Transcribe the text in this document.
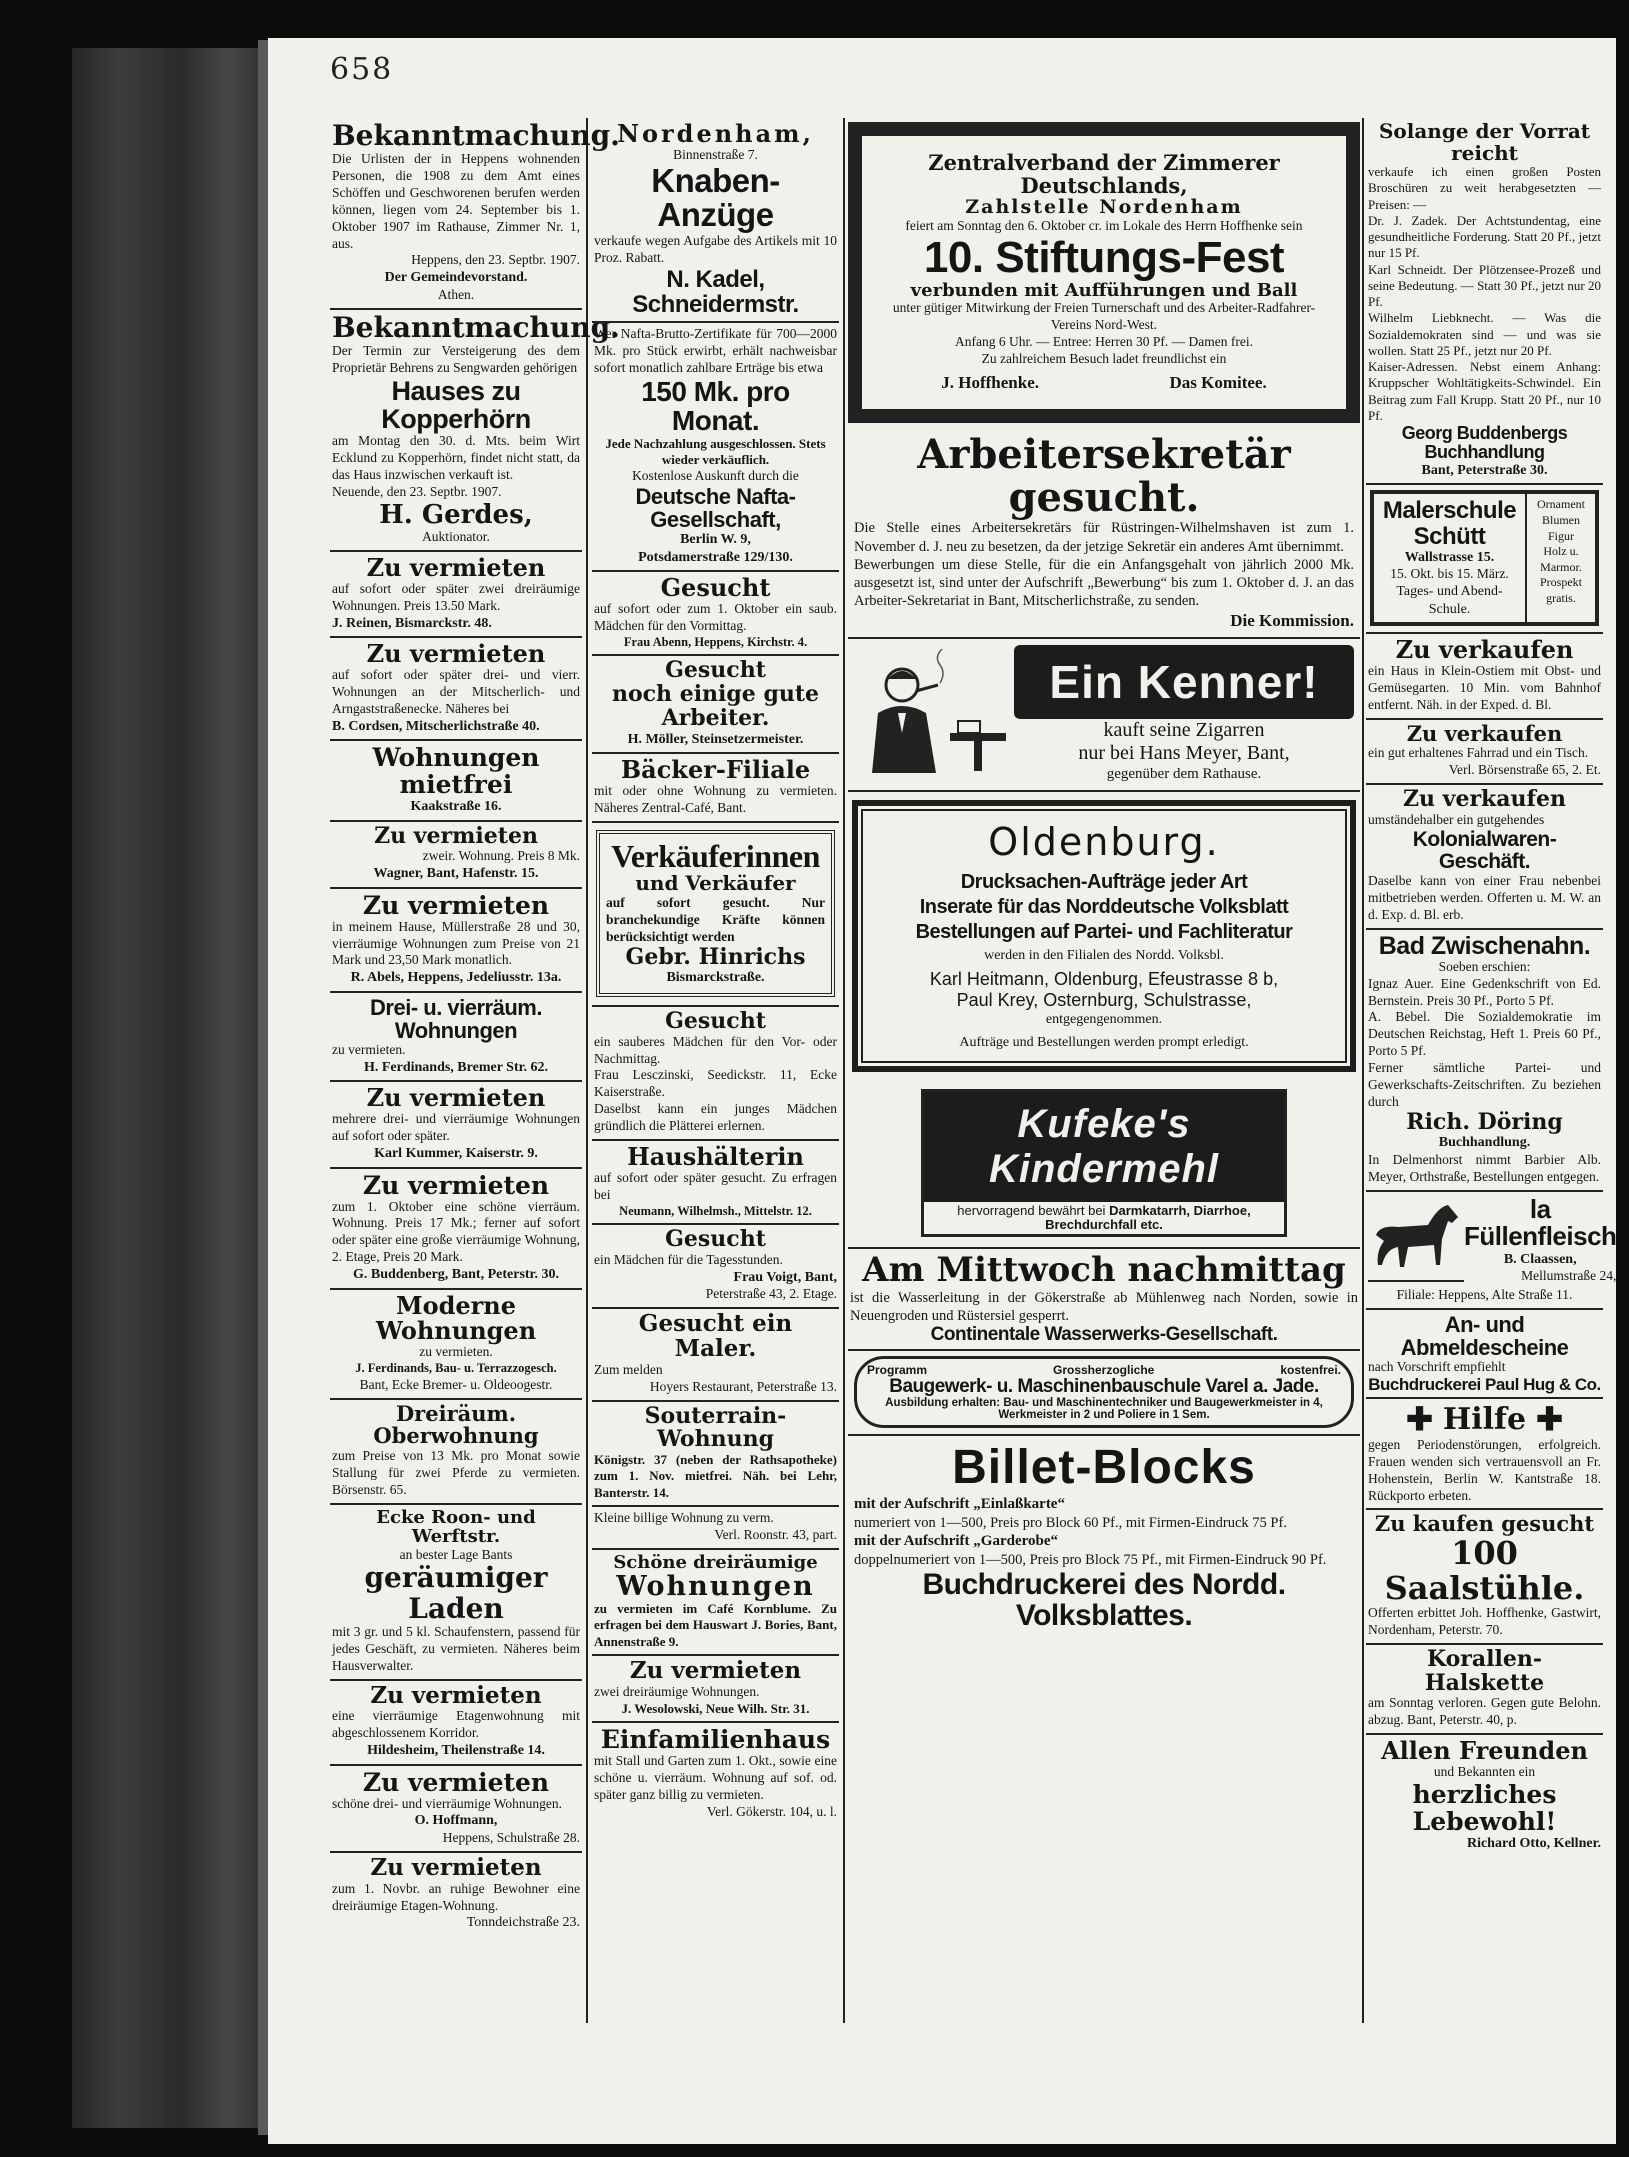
658
Bekanntmachung.
Die Urlisten der in Heppens wohnenden Personen, die 1908 zu dem Amt eines Schöffen und Geschworenen berufen werden können, liegen vom 24. September bis 1. Oktober 1907 im Rathause, Zimmer Nr. 1, aus.
Heppens, den 23. Septbr. 1907.
Der Gemeindevorstand.
Athen.
Bekanntmachung.
Der Termin zur Versteigerung des dem Proprietär Behrens zu Sengwarden gehörigen
Hauses zu Kopperhörn
am Montag den 30. d. Mts. beim Wirt Ecklund zu Kopperhörn, findet nicht statt, da das Haus inzwischen verkauft ist.
Neuende, den 23. Septbr. 1907.
H. Gerdes,
Auktionator.
Zu vermieten
auf sofort oder später zwei dreiräumige Wohnungen. Preis 13.50 Mark.
J. Reinen, Bismarckstr. 48.
Zu vermieten
auf sofort oder später drei- und vierr. Wohnungen an der Mitscherlich- und Arngaststraßenecke. Näheres bei
B. Cordsen, Mitscherlichstraße 40.
Wohnungen mietfrei
Kaakstraße 16.
Zu vermieten
zweir. Wohnung. Preis 8 Mk.
Wagner, Bant, Hafenstr. 15.
Zu vermieten
in meinem Hause, Müllerstraße 28 und 30, vierräumige Wohnungen zum Preise von 21 Mark und 23,50 Mark monatlich.
R. Abels, Heppens, Jedeliusstr. 13a.
Drei- u. vierräum. Wohnungen
zu vermieten.
H. Ferdinands, Bremer Str. 62.
Zu vermieten
mehrere drei- und vierräumige Wohnungen auf sofort oder später.
Karl Kummer, Kaiserstr. 9.
Zu vermieten
zum 1. Oktober eine schöne vierräum. Wohnung. Preis 17 Mk.; ferner auf sofort oder später eine große vierräumige Wohnung, 2. Etage, Preis 20 Mark.
G. Buddenberg, Bant, Peterstr. 30.
Moderne Wohnungen
zu vermieten.
J. Ferdinands, Bau- u. Terrazzogesch.
Bant, Ecke Bremer- u. Oldeoogestr.
Dreiräum. Oberwohnung
zum Preise von 13 Mk. pro Monat sowie Stallung für zwei Pferde zu vermieten. Börsenstr. 65.
Ecke Roon- und Werftstr.
an bester Lage Bants
geräumiger Laden
mit 3 gr. und 5 kl. Schaufenstern, passend für jedes Geschäft, zu vermieten. Näheres beim Hausverwalter.
Zu vermieten
eine vierräumige Etagenwohnung mit abgeschlossenem Korridor.
Hildesheim, Theilenstraße 14.
Zu vermieten
schöne drei- und vierräumige Wohnungen.
O. Hoffmann,
Heppens, Schulstraße 28.
Zu vermieten
zum 1. Novbr. an ruhige Bewohner eine dreiräumige Etagen-Wohnung.
Tonndeichstraße 23.
Nordenham,
Binnenstraße 7.
Knaben-Anzüge
verkaufe wegen Aufgabe des Artikels mit 10 Proz. Rabatt.
N. Kadel, Schneidermstr.
Wer Nafta-Brutto-Zertifikate für 700—2000 Mk. pro Stück erwirbt, erhält nachweisbar sofort monatlich zahlbare Erträge bis etwa
150 Mk. pro Monat.
Jede Nachzahlung ausgeschlossen. Stets wieder verkäuflich.
Kostenlose Auskunft durch die
Deutsche Nafta-Gesellschaft,
Berlin W. 9,
Potsdamerstraße 129/130.
Gesucht
auf sofort oder zum 1. Oktober ein saub. Mädchen für den Vormittag.
Frau Abenn, Heppens, Kirchstr. 4.
Gesucht
noch einige gute Arbeiter.
H. Möller, Steinsetzermeister.
Bäcker-Filiale
mit oder ohne Wohnung zu vermieten. Näheres Zentral-Café, Bant.
Verkäuferinnen
und Verkäufer
auf sofort gesucht. Nur branchekundige Kräfte können berücksichtigt werden
Gebr. Hinrichs
Bismarckstraße.
Gesucht
ein sauberes Mädchen für den Vor- oder Nachmittag.
Frau Lesczinski, Seedickstr. 11, Ecke Kaiserstraße.
Daselbst kann ein junges Mädchen gründlich die Plätterei erlernen.
Haushälterin
auf sofort oder später gesucht. Zu erfragen bei
Neumann, Wilhelmsh., Mittelstr. 12.
Gesucht
ein Mädchen für die Tagesstunden.
Frau Voigt, Bant,
Peterstraße 43, 2. Etage.
Gesucht ein Maler.
Zum melden
Hoyers Restaurant, Peterstraße 13.
Souterrain-Wohnung
Königstr. 37 (neben der Rathsapotheke) zum 1. Nov. mietfrei. Näh. bei Lehr, Banterstr. 14.
Kleine billige Wohnung zu verm.
Verl. Roonstr. 43, part.
Schöne dreiräumige
Wohnungen
zu vermieten im Café Kornblume. Zu erfragen bei dem Hauswart J. Bories, Bant, Annenstraße 9.
Zu vermieten
zwei dreiräumige Wohnungen.
J. Wesolowski, Neue Wilh. Str. 31.
Einfamilienhaus
mit Stall und Garten zum 1. Okt., sowie eine schöne u. vierräum. Wohnung auf sof. od. später ganz billig zu vermieten.
Verl. Gökerstr. 104, u. l.
Zentralverband der Zimmerer Deutschlands,
Zahlstelle Nordenham
feiert am Sonntag den 6. Oktober cr. im Lokale des Herrn Hoffhenke sein
10. Stiftungs-Fest
verbunden mit Aufführungen und Ball
unter gütiger Mitwirkung der Freien Turnerschaft und des Arbeiter-Radfahrer-Vereins Nord-West.
Anfang 6 Uhr. — Entree: Herren 30 Pf. — Damen frei.
Zu zahlreichem Besuch ladet freundlichst ein
J. Hoffhenke.	Das Komitee.
Arbeitersekretär gesucht.
Die Stelle eines Arbeitersekretärs für Rüstringen-Wilhelmshaven ist zum 1. November d. J. neu zu besetzen, da der jetzige Sekretär ein anderes Amt übernimmt.
Bewerbungen um diese Stelle, für die ein Anfangsgehalt von jährlich 2000 Mk. ausgesetzt ist, sind unter der Aufschrift „Bewerbung“ bis zum 1. Oktober d. J. an das Arbeiter-Sekretariat in Bant, Mitscherlichstraße, zu senden.
Die Kommission.
Ein Kenner!
kauft seine Zigarren
nur bei Hans Meyer, Bant,
gegenüber dem Rathause.
Oldenburg.
Drucksachen-Aufträge jeder Art
Inserate für das Norddeutsche Volksblatt
Bestellungen auf Partei- und Fachliteratur
werden in den Filialen des Nordd. Volksbl.
Karl Heitmann, Oldenburg, Efeustrasse 8 b,
Paul Krey, Osternburg, Schulstrasse,
entgegengenommen.
Aufträge und Bestellungen werden prompt erledigt.
Kufeke's Kindermehl
hervorragend bewährt bei Darmkatarrh, Diarrhoe, Brechdurchfall etc.
Am Mittwoch nachmittag
ist die Wasserleitung in der Gökerstraße ab Mühlenweg nach Norden, sowie in Neuengroden und Rüstersiel gesperrt.
Continentale Wasserwerks-Gesellschaft.
Programm	Grossherzogliche	kostenfrei.
Baugewerk- u. Maschinenbauschule Varel a. Jade.
Ausbildung erhalten: Bau- und Maschinentechniker und Baugewerkmeister in 4, Werkmeister in 2 und Poliere in 1 Sem.
Billet-Blocks
mit der Aufschrift „Einlaßkarte“
numeriert von 1—500, Preis pro Block 60 Pf., mit Firmen-Eindruck 75 Pf.
mit der Aufschrift „Garderobe“
doppelnumeriert von 1—500, Preis pro Block 75 Pf., mit Firmen-Eindruck 90 Pf.
Buchdruckerei des Nordd. Volksblattes.
Solange der Vorrat reicht
verkaufe ich einen großen Posten Broschüren zu weit herabgesetzten — Preisen: —
Dr. J. Zadek. Der Achtstundentag, eine gesundheitliche Forderung. Statt 20 Pf., jetzt nur 15 Pf.
Karl Schneidt. Der Plötzensee-Prozeß und seine Bedeutung. — Statt 30 Pf., jetzt nur 20 Pf.
Wilhelm Liebknecht. — Was die Sozialdemokraten sind — und was sie wollen. Statt 25 Pf., jetzt nur 20 Pf.
Kaiser-Adressen. Nebst einem Anhang: Kruppscher Wohltätigkeits-Schwindel. Ein Beitrag zum Fall Krupp. Statt 20 Pf., nur 10 Pf.
Georg Buddenbergs Buchhandlung
Bant, Peterstraße 30.
Malerschule Schütt
Wallstrasse 15.
15. Okt. bis 15. März.
Tages- und Abend-Schule.
Ornament
Blumen
Figur
Holz u.
Marmor.
Prospekt
gratis.
Zu verkaufen
ein Haus in Klein-Ostiem mit Obst- und Gemüsegarten. 10 Min. vom Bahnhof entfernt. Näh. in der Exped. d. Bl.
Zu verkaufen
ein gut erhaltenes Fahrrad und ein Tisch.
Verl. Börsenstraße 65, 2. Et.
Zu verkaufen
umständehalber ein gutgehendes
Kolonialwaren-Geschäft.
Daselbe kann von einer Frau nebenbei mitbetrieben werden. Offerten u. M. W. an d. Exp. d. Bl. erb.
Bad Zwischenahn.
Soeben erschien:
Ignaz Auer. Eine Gedenkschrift von Ed. Bernstein. Preis 30 Pf., Porto 5 Pf.
A. Bebel. Die Sozialdemokratie im Deutschen Reichstag, Heft 1. Preis 60 Pf., Porto 5 Pf.
Ferner sämtliche Partei- und Gewerkschafts-Zeitschriften. Zu beziehen durch
Rich. Döring
Buchhandlung.
In Delmenhorst nimmt Barbier Alb. Meyer, Orthstraße, Bestellungen entgegen.
la Füllenfleisch
B. Claassen,
Mellumstraße 24,
Filiale: Heppens, Alte Straße 11.
An- und Abmeldescheine
nach Vorschrift empfiehlt
Buchdruckerei Paul Hug & Co.
✚ Hilfe ✚
gegen Periodenstörungen, erfolgreich. Frauen wenden sich vertrauensvoll an Fr. Hohenstein, Berlin W. Kantstraße 18. Rückporto erbeten.
Zu kaufen gesucht
100 Saalstühle.
Offerten erbittet Joh. Hoffhenke, Gastwirt, Nordenham, Peterstr. 70.
Korallen-Halskette
am Sonntag verloren. Gegen gute Belohn. abzug. Bant, Peterstr. 40, p.
Allen Freunden
und Bekannten ein
herzliches Lebewohl!
Richard Otto, Kellner.
